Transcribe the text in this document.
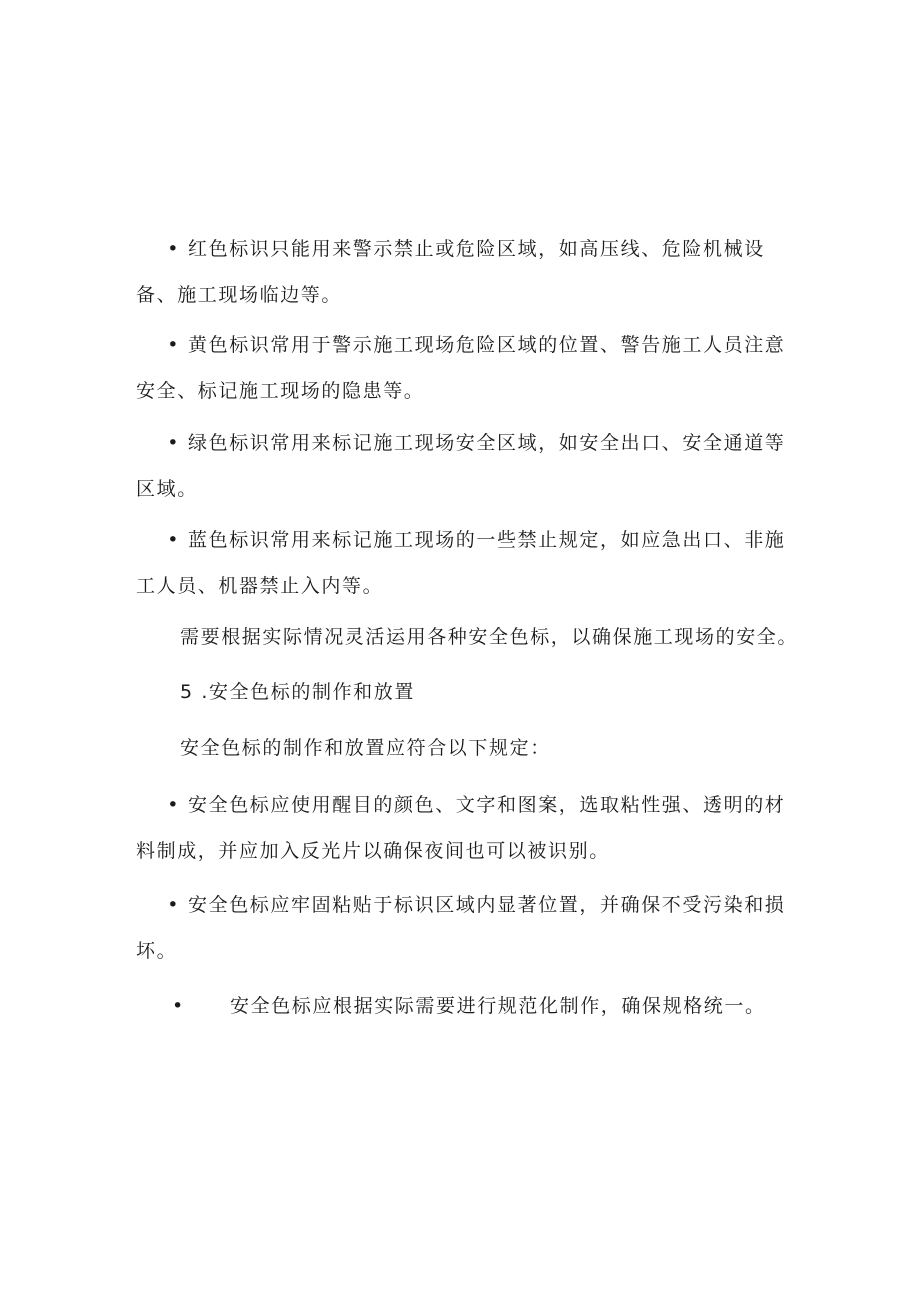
• 红色标识只能用来警示禁止或危险区域，如高压线、危险机械设备、施工现场临边等。
• 黄色标识常用于警示施工现场危险区域的位置、警告施工人员注意安全、标记施工现场的隐患等。
• 绿色标识常用来标记施工现场安全区域，如安全出口、安全通道等区域。
• 蓝色标识常用来标记施工现场的一些禁止规定，如应急出口、非施工人员、机器禁止入内等。
需要根据实际情况灵活运用各种安全色标，以确保施工现场的安全。
5 .安全色标的制作和放置
安全色标的制作和放置应符合以下规定：
• 安全色标应使用醒目的颜色、文字和图案，选取粘性强、透明的材料制成，并应加入反光片以确保夜间也可以被识别。
• 安全色标应牢固粘贴于标识区域内显著位置，并确保不受污染和损坏。
• 安全色标应根据实际需要进行规范化制作，确保规格统一。
